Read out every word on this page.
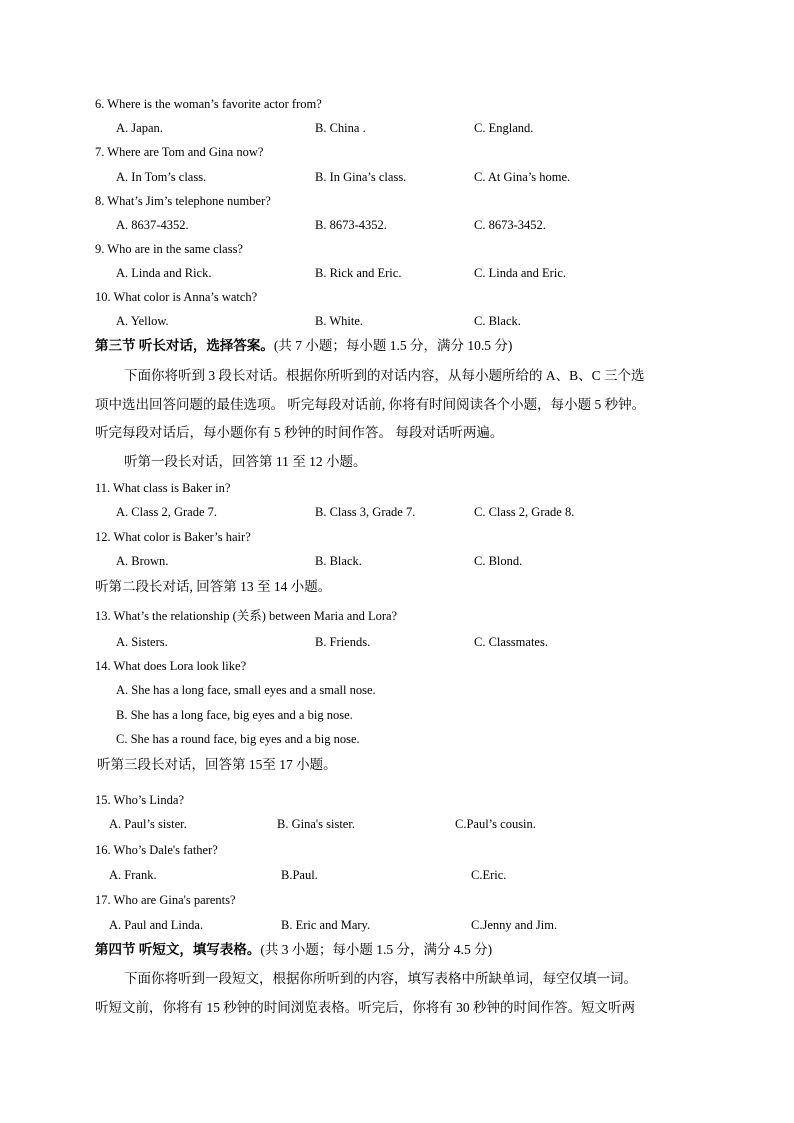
6. Where is the woman’s favorite actor from?
A. Japan.	B. China .	C. England.
7. Where are Tom and Gina now?
A. In Tom’s class.	B. In Gina’s class.	C. At Gina’s home.
8. What’s Jim’s telephone number?
A. 8637-4352.	B. 8673-4352.	C. 8673-3452.
9. Who are in the same class?
A. Linda and Rick.	B. Rick and Eric.	C. Linda and Eric.
10. What color is Anna’s watch?
A. Yellow.	B. White.	C. Black.
第三节 听长对话，选择答案。(共 7 小题；每小题 1.5 分，满分 10.5 分)
下面你将听到 3 段长对话。根据你所听到的对话内容，从每小题所给的 A、B、C 三个选
项中选出回答问题的最佳选项。 听完每段对话前, 你将有时间阅读各个小题，每小题 5 秒钟。
听完每段对话后，每小题你有 5 秒钟的时间作答。 每段对话听两遍。
听第一段长对话，回答第 11 至 12 小题。
11. What class is Baker in?
A. Class 2, Grade 7.	B. Class 3, Grade 7.	C. Class 2, Grade 8.
12. What color is Baker’s hair?
A. Brown.	B. Black.	C. Blond.
听第二段长对话, 回答第 13 至 14 小题。
13. What’s the relationship (关系) between Maria and Lora?
A. Sisters.	B. Friends.	C. Classmates.
14. What does Lora look like?
A. She has a long face, small eyes and a small nose.
B. She has a long face, big eyes and a big nose.
C. She has a round face, big eyes and a big nose.
听第三段长对话，回答第 15至 17 小题。
15. Who’s Linda?
A. Paul’s sister.	B. Gina's sister.	C.Paul’s cousin.
16. Who’s Dale's father?
A. Frank.	B.Paul.	C.Eric.
17. Who are Gina's parents?
A. Paul and Linda.	B. Eric and Mary.	C.Jenny and Jim.
第四节 听短文，填写表格。(共 3 小题；每小题 1.5 分，满分 4.5 分)
下面你将听到一段短文，根据你所听到的内容，填写表格中所缺单词，每空仅填一词。
听短文前，你将有 15 秒钟的时间浏览表格。听完后，你将有 30 秒钟的时间作答。短文听两
